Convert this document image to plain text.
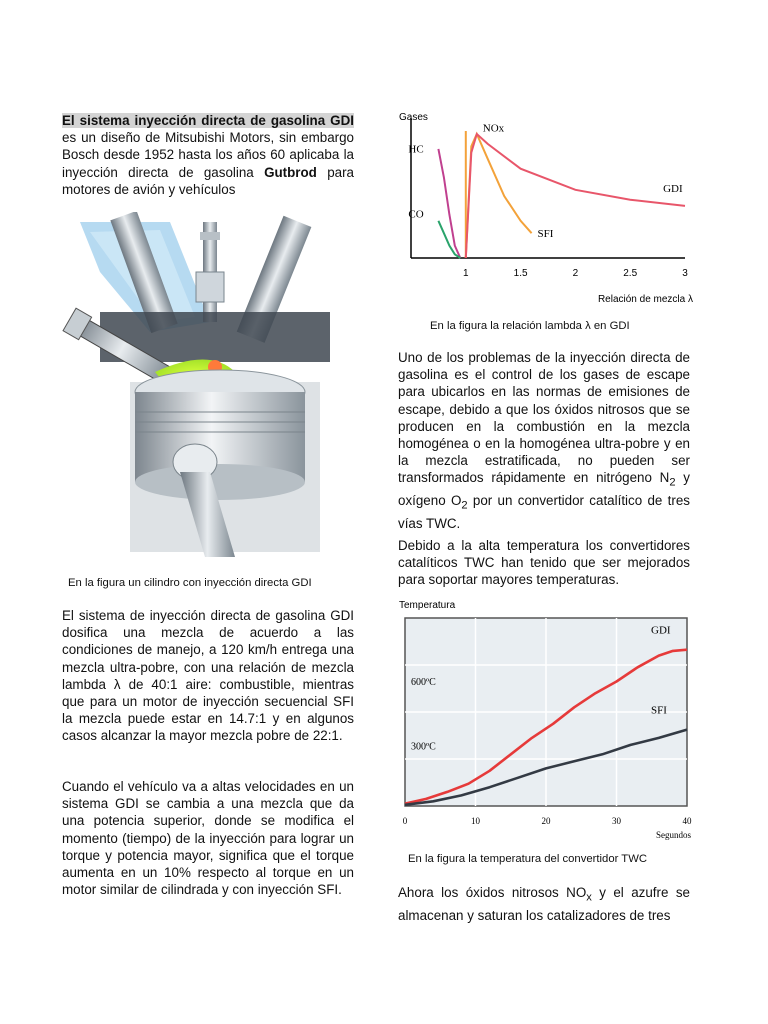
El sistema inyección directa de gasolina GDI es un diseño de Mitsubishi Motors, sin embargo Bosch desde 1952 hasta los años 60 aplicaba la inyección directa de gasolina Gutbrod para motores de avión y vehículos
En la figura un cilindro con inyección directa GDI
El sistema de inyección directa de gasolina GDI dosifica una mezcla de acuerdo a las condiciones de manejo, a 120 km/h entrega una mezcla ultra-pobre, con una relación de mezcla lambda λ de 40:1 aire: combustible, mientras que para un motor de inyección secuencial SFI la mezcla puede estar en 14.7:1 y en algunos casos alcanzar la mayor mezcla pobre de 22:1.
Cuando el vehículo va a altas velocidades en un sistema GDI se cambia a una mezcla que da una potencia superior, donde se modifica el momento (tiempo) de la inyección para lograr un torque y potencia mayor, significa que el torque aumenta en un 10% respecto al torque en un motor similar de cilindrada y con inyección SFI.
Gases
1	1.5	2	2.5	3
Relación de mezcla λ
HC
NOx
CO
SFI
GDI
En la figura la relación lambda λ en GDI
Uno de los problemas de la inyección directa de gasolina es el control de los gases de escape para ubicarlos en las normas de emisiones de escape, debido a que los óxidos nitrosos que se producen en la combustión en la mezcla homogénea o en la homogénea ultra-pobre y en la mezcla estratificada, no pueden ser transformados rápidamente en nitrógeno $N_2$ y oxígeno $O_2$ por un convertidor catalítico de tres vías TWC.
Debido a la alta temperatura los convertidores catalíticos TWC han tenido que ser mejorados para soportar mayores temperaturas.
Temperatura
600ºC
300ºC
GDI
SFI
0	10	20	30	40
Segundos
En la figura la temperatura del convertidor TWC
Ahora los óxidos nitrosos $NO_x$ y el azufre se almacenan y saturan los catalizadores de tres
